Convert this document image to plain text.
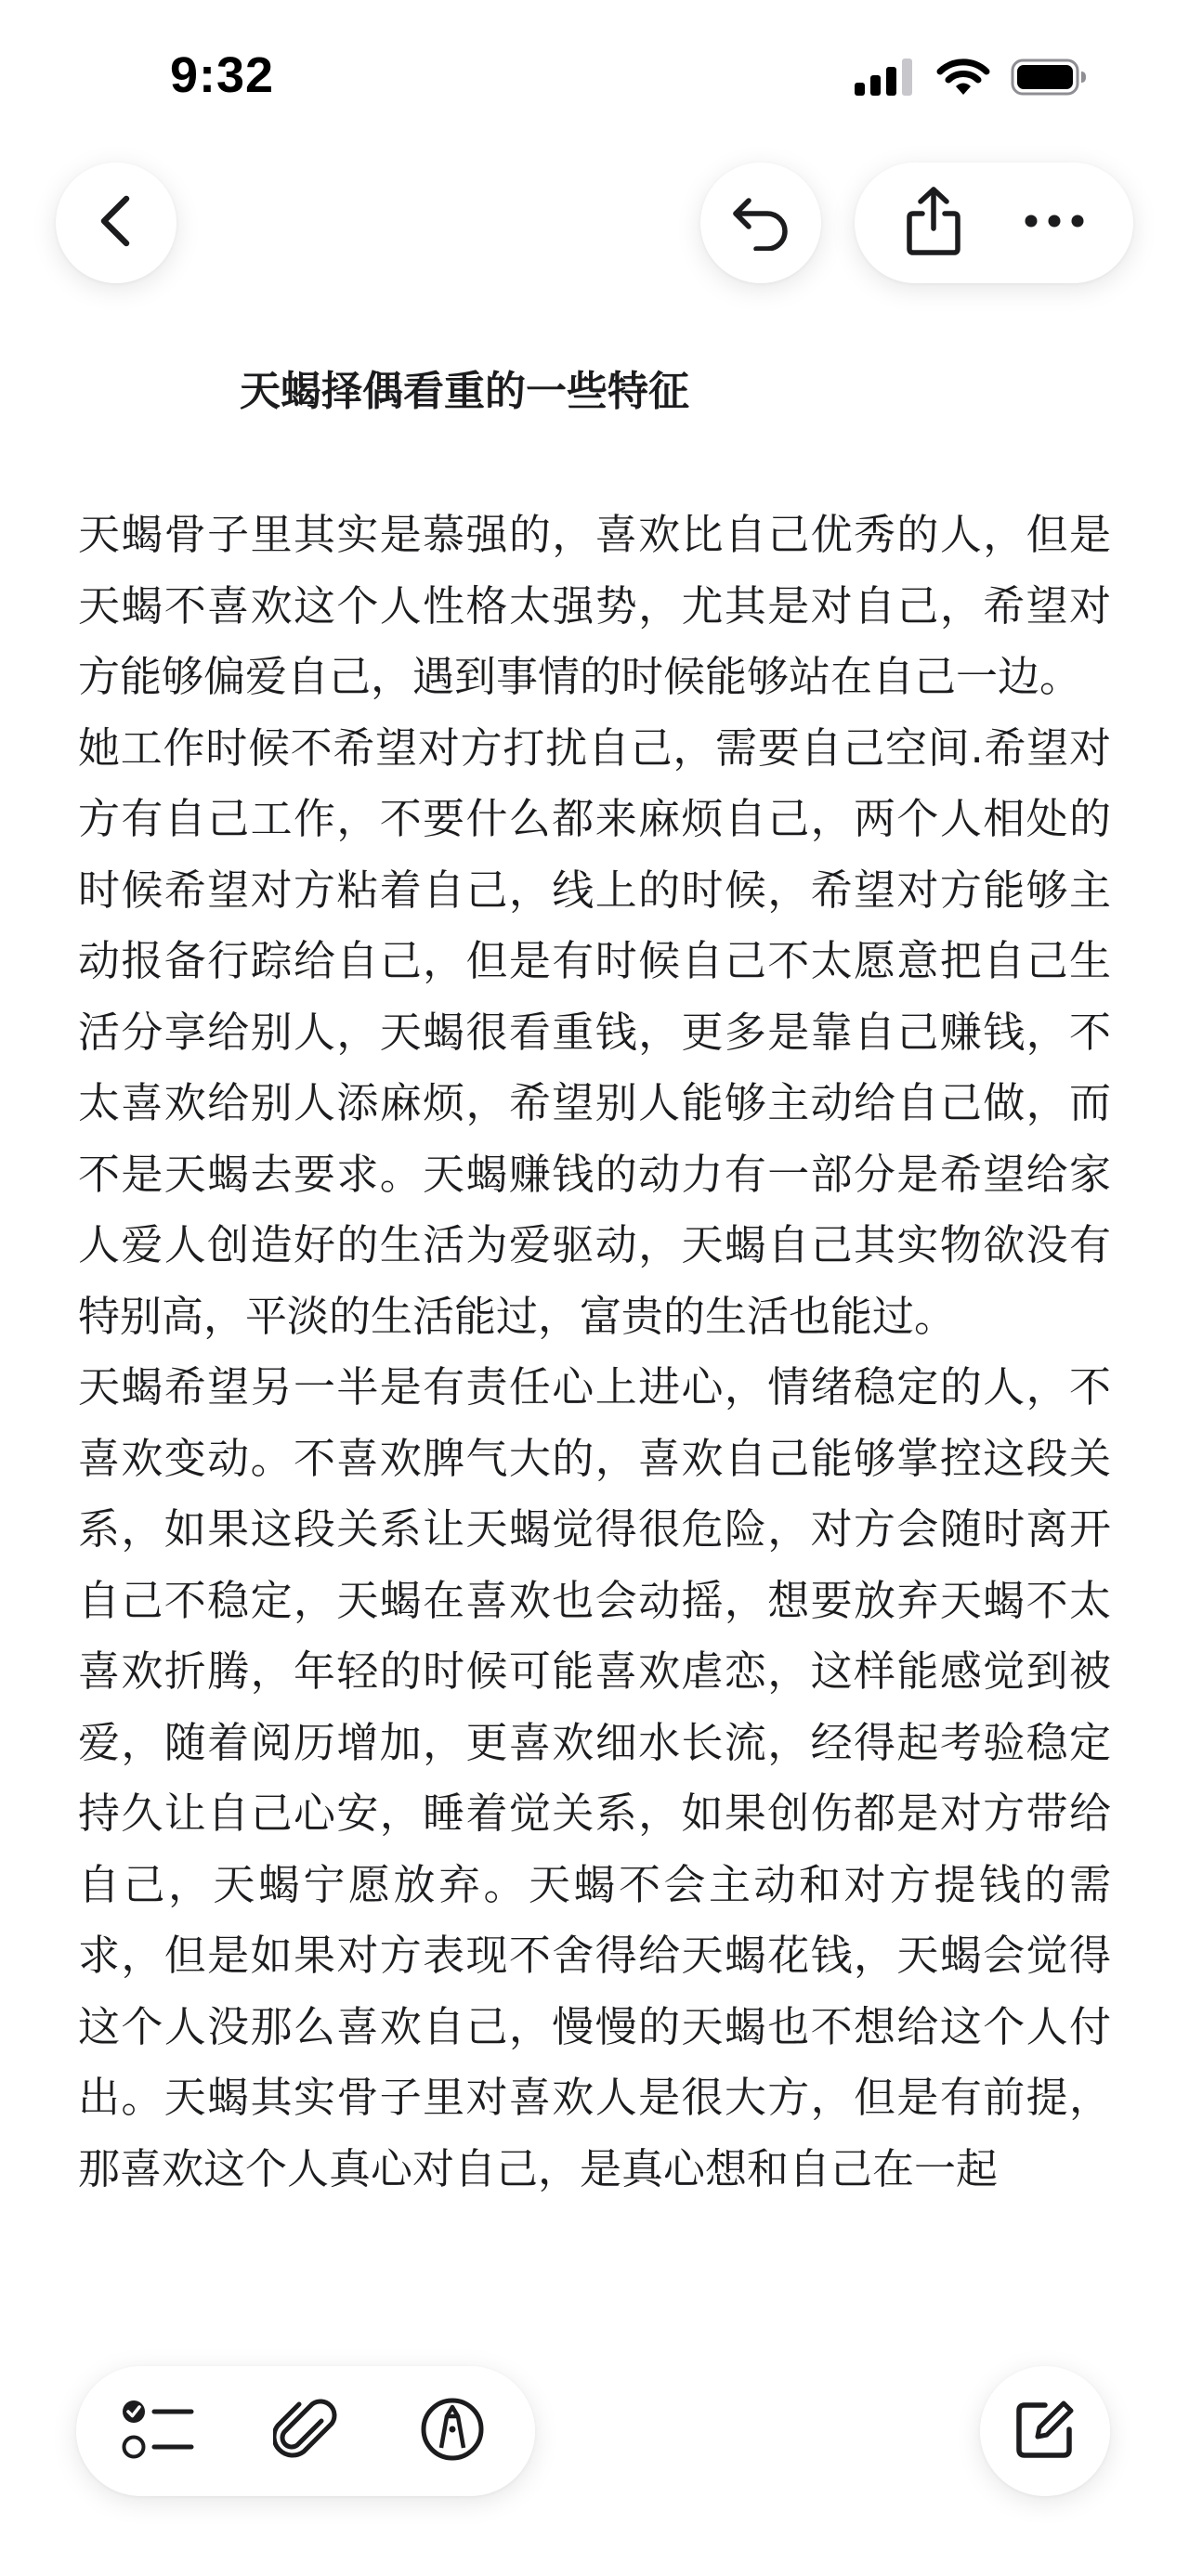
9:32
天蝎择偶看重的一些特征

天蝎骨子里其实是慕强的，喜欢比自己优秀的人，但是天蝎不喜欢这个人性格太强势，尤其是对自己，希望对方能够偏爱自己，遇到事情的时候能够站在自己一边。

她工作时候不希望对方打扰自己，需要自己空间.希望对方有自己工作，不要什么都来麻烦自己，两个人相处的时候希望对方粘着自己，线上的时候，希望对方能够主动报备行踪给自己，但是有时候自己不太愿意把自己生活分享给别人，天蝎很看重钱，更多是靠自己赚钱，不太喜欢给别人添麻烦，希望别人能够主动给自己做，而不是天蝎去要求。天蝎赚钱的动力有一部分是希望给家人爱人创造好的生活为爱驱动，天蝎自己其实物欲没有特别高，平淡的生活能过，富贵的生活也能过。

天蝎希望另一半是有责任心上进心，情绪稳定的人，不喜欢变动。不喜欢脾气大的，喜欢自己能够掌控这段关系，如果这段关系让天蝎觉得很危险，对方会随时离开自己不稳定，天蝎在喜欢也会动摇，想要放弃天蝎不太喜欢折腾，年轻的时候可能喜欢虐恋，这样能感觉到被爱，随着阅历增加，更喜欢细水长流，经得起考验稳定持久让自己心安，睡着觉关系，如果创伤都是对方带给自己，天蝎宁愿放弃。天蝎不会主动和对方提钱的需求，但是如果对方表现不舍得给天蝎花钱，天蝎会觉得这个人没那么喜欢自己，慢慢的天蝎也不想给这个人付出。天蝎其实骨子里对喜欢人是很大方，但是有前提，那喜欢这个人真心对自己，是真心想和自己在一起
